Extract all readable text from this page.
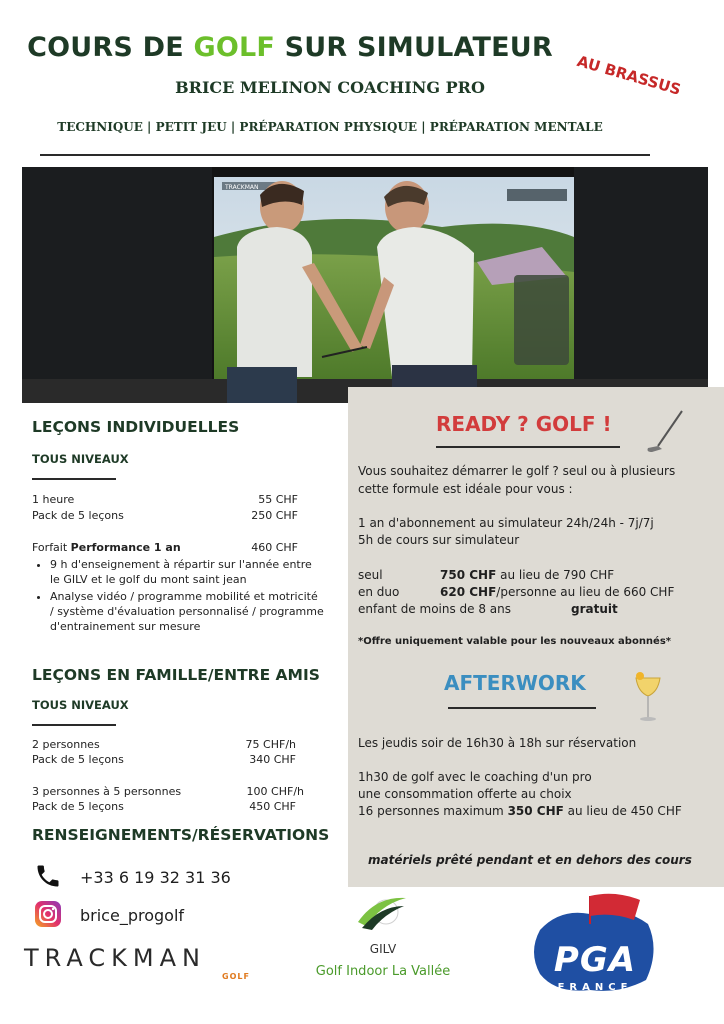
COURS DE GOLF SUR SIMULATEUR
AU BRASSUS
BRICE MELINON COACHING PRO
TECHNIQUE | PETIT JEU | PRÉPARATION PHYSIQUE | PRÉPARATION MENTALE
TRACKMAN
LEÇONS INDIVIDUELLES
TOUS NIVEAUX
1 heure	55 CHF
Pack de 5 leçons	250 CHF
Forfait Performance 1 an	460 CHF
• 9 h d'enseignement à répartir sur l'année entre le GILV et le golf du mont saint jean
• Analyse vidéo / programme mobilité et motricité / système d'évaluation personnalisé / programme d'entrainement sur mesure
LEÇONS EN FAMILLE/ENTRE AMIS
TOUS NIVEAUX
2 personnes	75 CHF/h
Pack de 5 leçons	340 CHF
3 personnes à 5 personnes	100 CHF/h
Pack de 5 leçons	450 CHF
RENSEIGNEMENTS/RÉSERVATIONS
+33 6 19 32 31 36
brice_progolf
READY ? GOLF !
Vous souhaitez démarrer le golf ? seul ou à plusieurs cette formule est idéale pour vous :
1 an d'abonnement au simulateur 24h/24h - 7j/7j
5h de cours sur simulateur
seul	750 CHF au lieu de 790 CHF
en duo	620 CHF/personne au lieu de 660 CHF
enfant de moins de 8 ans	gratuit
*Offre uniquement valable pour les nouveaux abonnés*
AFTERWORK
Les jeudis soir de 16h30 à 18h sur réservation
1h30 de golf avec le coaching d'un pro
une consommation offerte au choix
16 personnes maximum 350 CHF au lieu de 450 CHF
matériels prêté pendant et en dehors des cours
TRACKMAN
GOLF
GILV
Golf Indoor La Vallée	PGA
FRANCE
